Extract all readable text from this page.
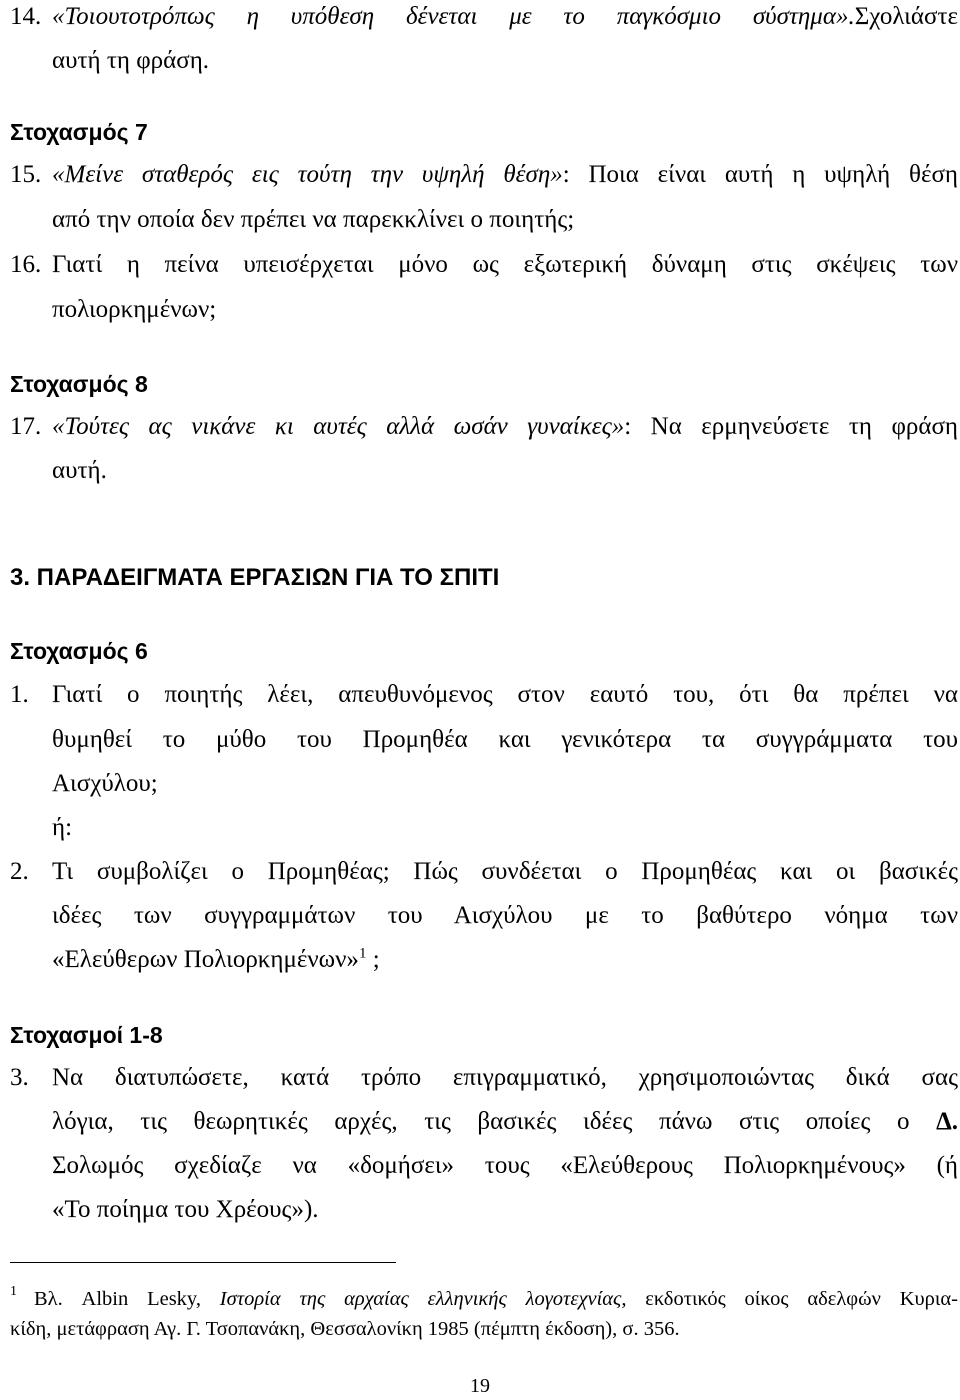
14. «Τοιουτοτρόπως η υπόθεση δένεται με το παγκόσμιο σύστημα».Σχολιάστε
αυτή τη φράση.
Στοχασμός 7
15. «Μείνε σταθερός εις τούτη την υψηλή θέση»: Ποια είναι αυτή η υψηλή θέση
από την οποία δεν πρέπει να παρεκκλίνει ο ποιητής;
16. Γιατί η πείνα υπεισέρχεται μόνο ως εξωτερική δύναμη στις σκέψεις των
πολιορκημένων;
Στοχασμός 8
17. «Τούτες ας νικάνε κι αυτές αλλά ωσάν γυναίκες»: Να ερμηνεύσετε τη φράση
αυτή.
3. ΠΑΡΑΔΕΙΓΜΑΤΑ ΕΡΓΑΣΙΩΝ ΓΙΑ ΤΟ ΣΠΙΤΙ
Στοχασμός 6
1. Γιατί ο ποιητής λέει, απευθυνόμενος στον εαυτό του, ότι θα πρέπει να
θυμηθεί το μύθο του Προμηθέα και γενικότερα τα συγγράμματα του
Αισχύλου;
ή:
2. Τι συμβολίζει ο Προμηθέας; Πώς συνδέεται ο Προμηθέας και οι βασικές
ιδέες των συγγραμμάτων του Αισχύλου με το βαθύτερο νόημα των
«Ελεύθερων Πολιορκημένων»$^1$ ;
Στοχασμοί 1-8
3. Να διατυπώσετε, κατά τρόπο επιγραμματικό, χρησιμοποιώντας δικά σας
λόγια, τις θεωρητικές αρχές, τις βασικές ιδέες πάνω στις οποίες ο Δ.
Σολωμός σχεδίαζε να «δομήσει» τους «Ελεύθερους Πολιορκημένους» (ή
«Το ποίημα του Χρέους»).
1 Βλ. Albin Lesky, Ιστορία της αρχαίας ελληνικής λογοτεχνίας, εκδοτικός οίκος αδελφών Κυρια-
κίδη, μετάφραση Αγ. Γ. Τσοπανάκη, Θεσσαλονίκη 1985 (πέμπτη έκδοση), σ. 356.
19
